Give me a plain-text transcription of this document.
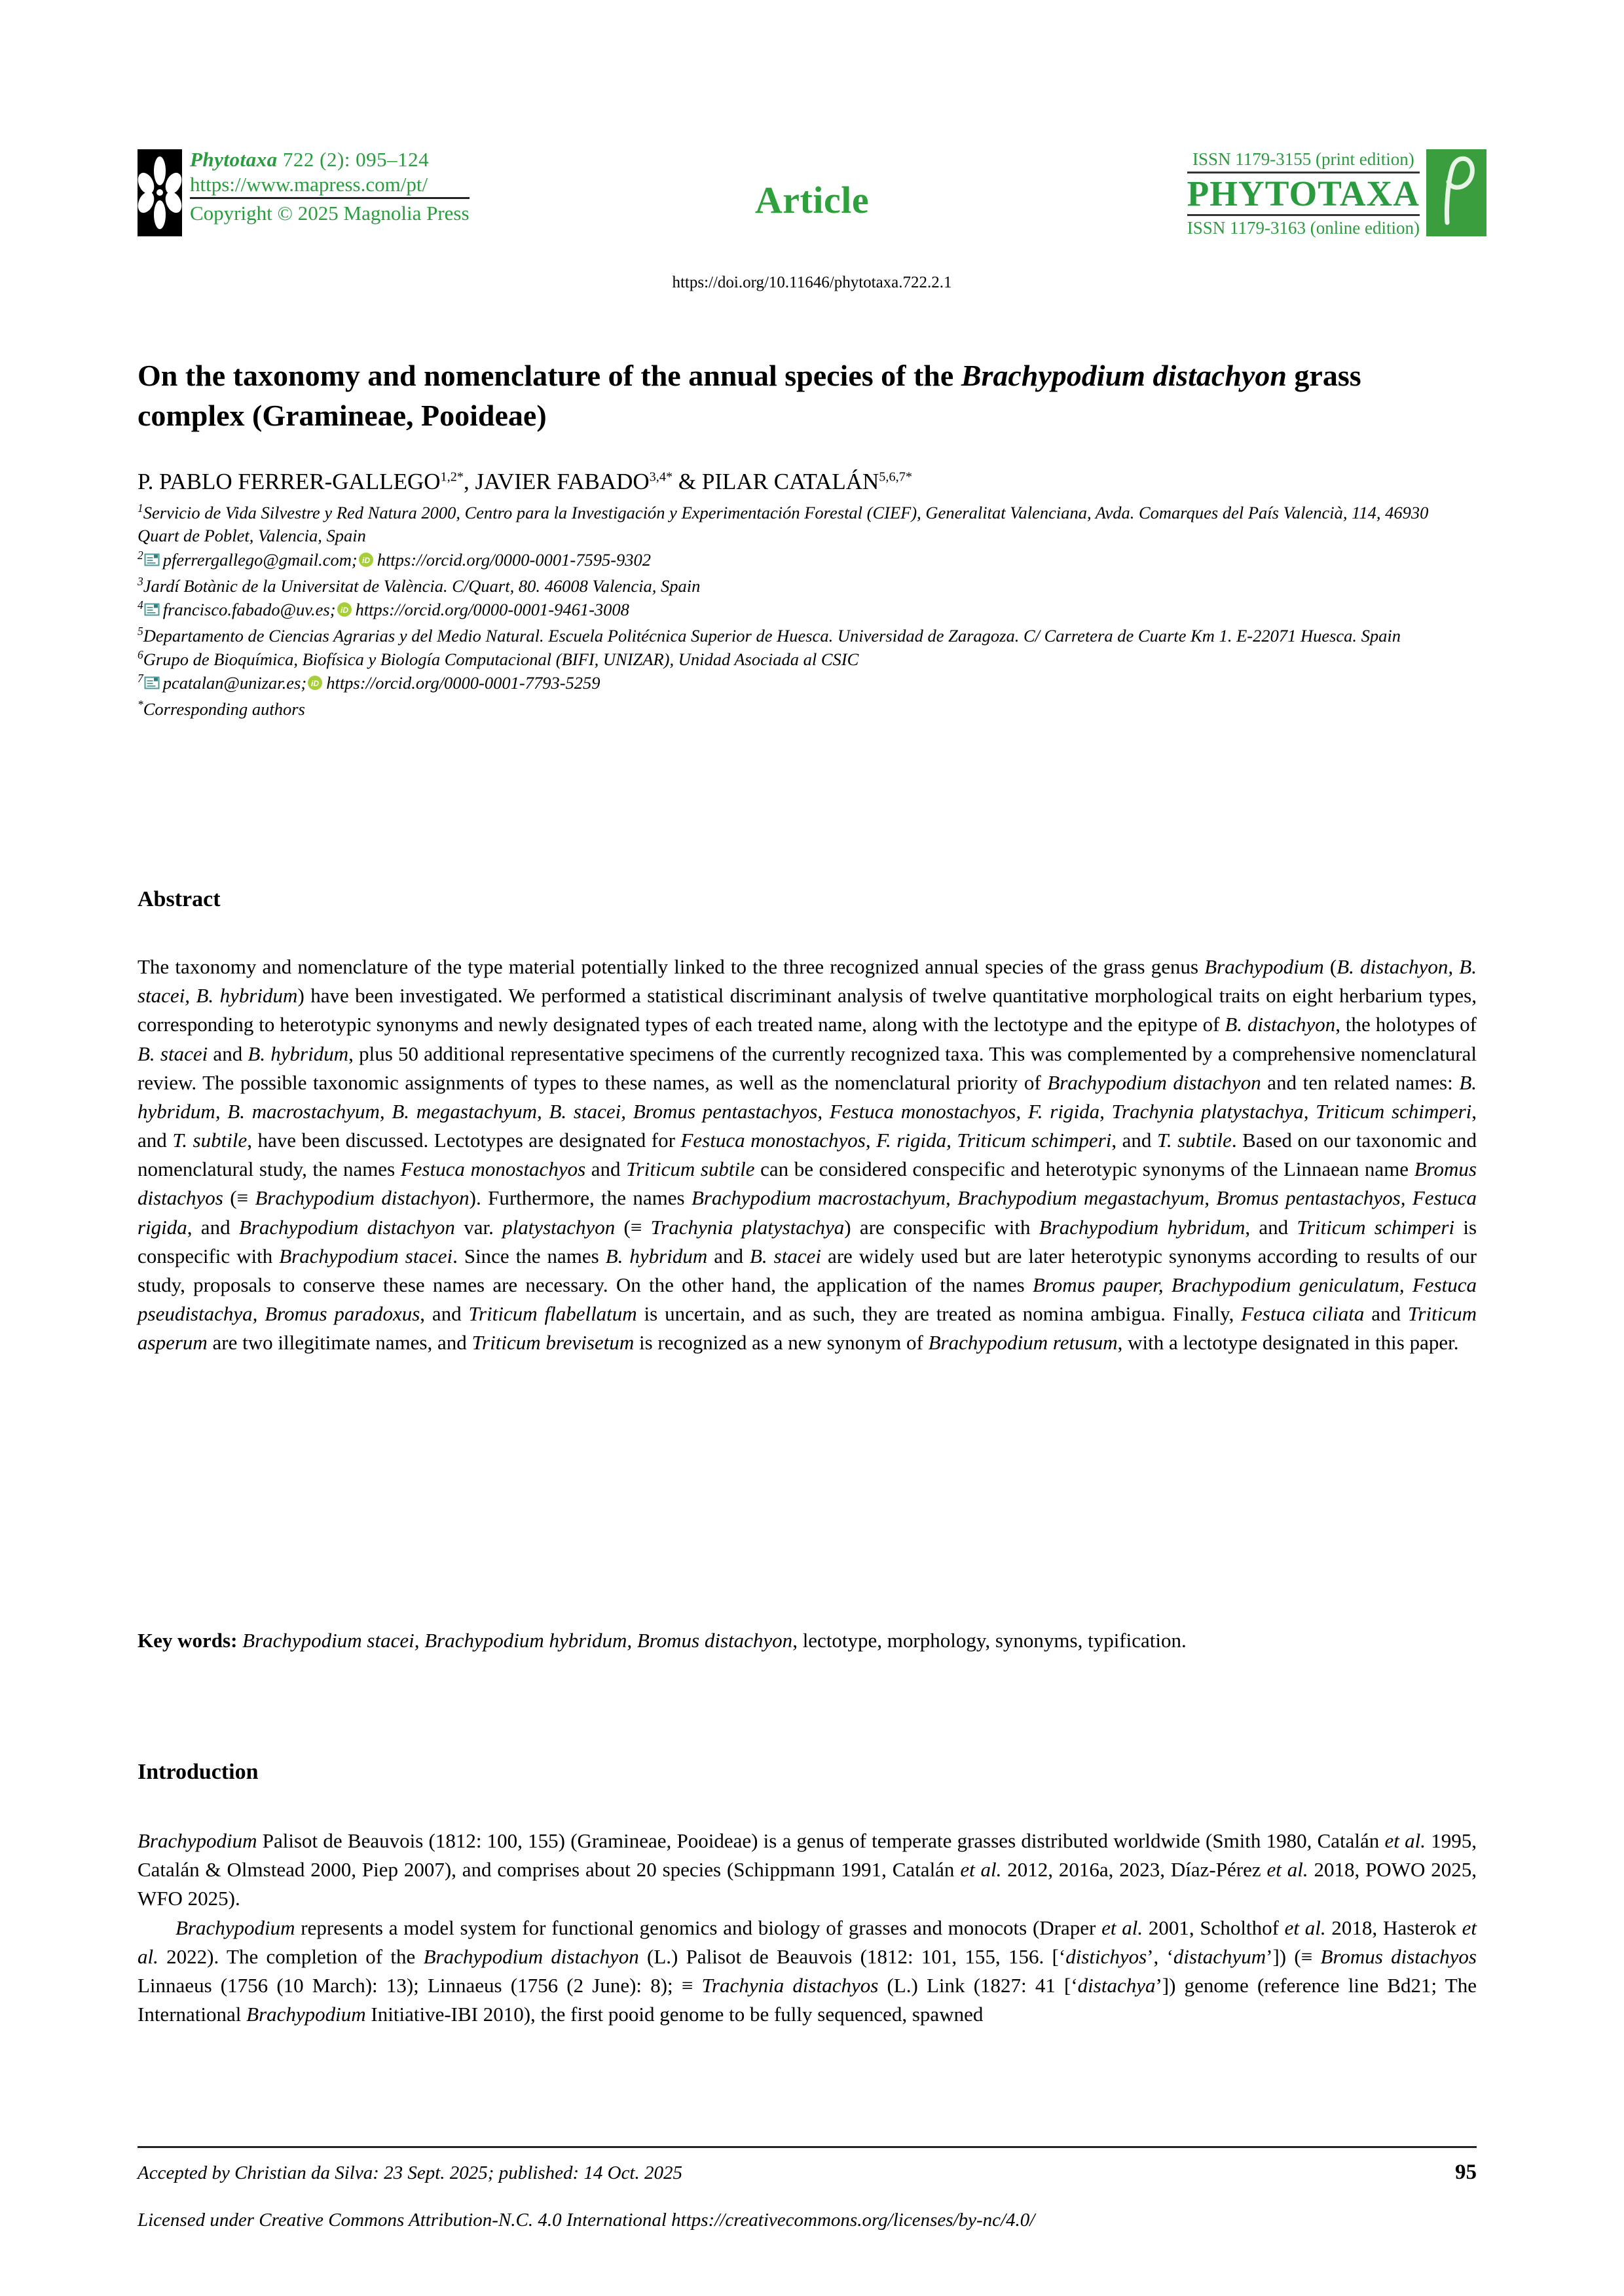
Phytotaxa 722 (2): 095–124
https://www.mapress.com/pt/
Copyright © 2025 Magnolia Press	Article
ISSN 1179-3155 (print edition)
PHYTOTAXA
ISSN 1179-3163 (online edition)
https://doi.org/10.11646/phytotaxa.722.2.1
On the taxonomy and nomenclature of the annual species of the Brachypodium distachyon grass complex (Gramineae, Pooideae)
P. PABLO FERRER-$GALLEGO^{1,2*}$, JAVIER $FABADO^{3,4*}$ & PILAR $CATALÁN^{5,6,7*}$
$^1$Servicio de Vida Silvestre y Red Natura 2000, Centro para la Investigación y Experimentación Forestal (CIEF), Generalitat Valenciana, Avda. Comarques del País Valencià, 114, 46930 Quart de Poblet, Valencia, Spain
$^2$ pferrergallego@gmail.com; iD https://orcid.org/0000-0001-7595-9302
$^3$Jardí Botànic de la Universitat de València. C/Quart, 80. 46008 Valencia, Spain
$^4$ francisco.fabado@uv.es; iD https://orcid.org/0000-0001-9461-3008
$^5$Departamento de Ciencias Agrarias y del Medio Natural. Escuela Politécnica Superior de Huesca. Universidad de Zaragoza. C/ Carretera de Cuarte Km 1. E-22071 Huesca. Spain
$^6$Grupo de Bioquímica, Biofísica y Biología Computacional (BIFI, UNIZAR), Unidad Asociada al CSIC
$^7$ pcatalan@unizar.es; iD https://orcid.org/0000-0001-7793-5259
*Corresponding authors
Abstract

The taxonomy and nomenclature of the type material potentially linked to the three recognized annual species of the grass genus Brachypodium (B. distachyon, B. stacei, B. hybridum) have been investigated. We performed a statistical discriminant analysis of twelve quantitative morphological traits on eight herbarium types, corresponding to heterotypic synonyms and newly designated types of each treated name, along with the lectotype and the epitype of B. distachyon, the holotypes of B. stacei and B. hybridum, plus 50 additional representative specimens of the currently recognized taxa. This was complemented by a comprehensive nomenclatural review. The possible taxonomic assignments of types to these names, as well as the nomenclatural priority of Brachypodium distachyon and ten related names: B. hybridum, B. macrostachyum, B. megastachyum, B. stacei, Bromus pentastachyos, Festuca monostachyos, F. rigida, Trachynia platystachya, Triticum schimperi, and T. subtile, have been discussed. Lectotypes are designated for Festuca monostachyos, F. rigida, Triticum schimperi, and T. subtile. Based on our taxonomic and nomenclatural study, the names Festuca monostachyos and Triticum subtile can be considered conspecific and heterotypic synonyms of the Linnaean name Bromus distachyos (≡ Brachypodium distachyon). Furthermore, the names Brachypodium macrostachyum, Brachypodium megastachyum, Bromus pentastachyos, Festuca rigida, and Brachypodium distachyon var. platystachyon (≡ Trachynia platystachya) are conspecific with Brachypodium hybridum, and Triticum schimperi is conspecific with Brachypodium stacei. Since the names B. hybridum and B. stacei are widely used but are later heterotypic synonyms according to results of our study, proposals to conserve these names are necessary. On the other hand, the application of the names Bromus pauper, Brachypodium geniculatum, Festuca pseudistachya, Bromus paradoxus, and Triticum flabellatum is uncertain, and as such, they are treated as nomina ambigua. Finally, Festuca ciliata and Triticum asperum are two illegitimate names, and Triticum brevisetum is recognized as a new synonym of Brachypodium retusum, with a lectotype designated in this paper.

Key words: Brachypodium stacei, Brachypodium hybridum, Bromus distachyon, lectotype, morphology, synonyms, typification.
Introduction

Brachypodium Palisot de Beauvois (1812: 100, 155) (Gramineae, Pooideae) is a genus of temperate grasses distributed worldwide (Smith 1980, Catalán et al. 1995, Catalán & Olmstead 2000, Piep 2007), and comprises about 20 species (Schippmann 1991, Catalán et al. 2012, 2016a, 2023, Díaz-Pérez et al. 2018, POWO 2025, WFO 2025).

Brachypodium represents a model system for functional genomics and biology of grasses and monocots (Draper et al. 2001, Scholthof et al. 2018, Hasterok et al. 2022). The completion of the Brachypodium distachyon (L.) Palisot de Beauvois (1812: 101, 155, 156. [‘distichyos’, ‘distachyum’]) (≡ Bromus distachyos Linnaeus (1756 (10 March): 13); Linnaeus (1756 (2 June): 8); ≡ Trachynia distachyos (L.) Link (1827: 41 [‘distachya’]) genome (reference line Bd21; The International Brachypodium Initiative-IBI 2010), the first pooid genome to be fully sequenced, spawned

Accepted by Christian da Silva: 23 Sept. 2025; published: 14 Oct. 2025	95
Licensed under Creative Commons Attribution-N.C. 4.0 International https://creativecommons.org/licenses/by-nc/4.0/
